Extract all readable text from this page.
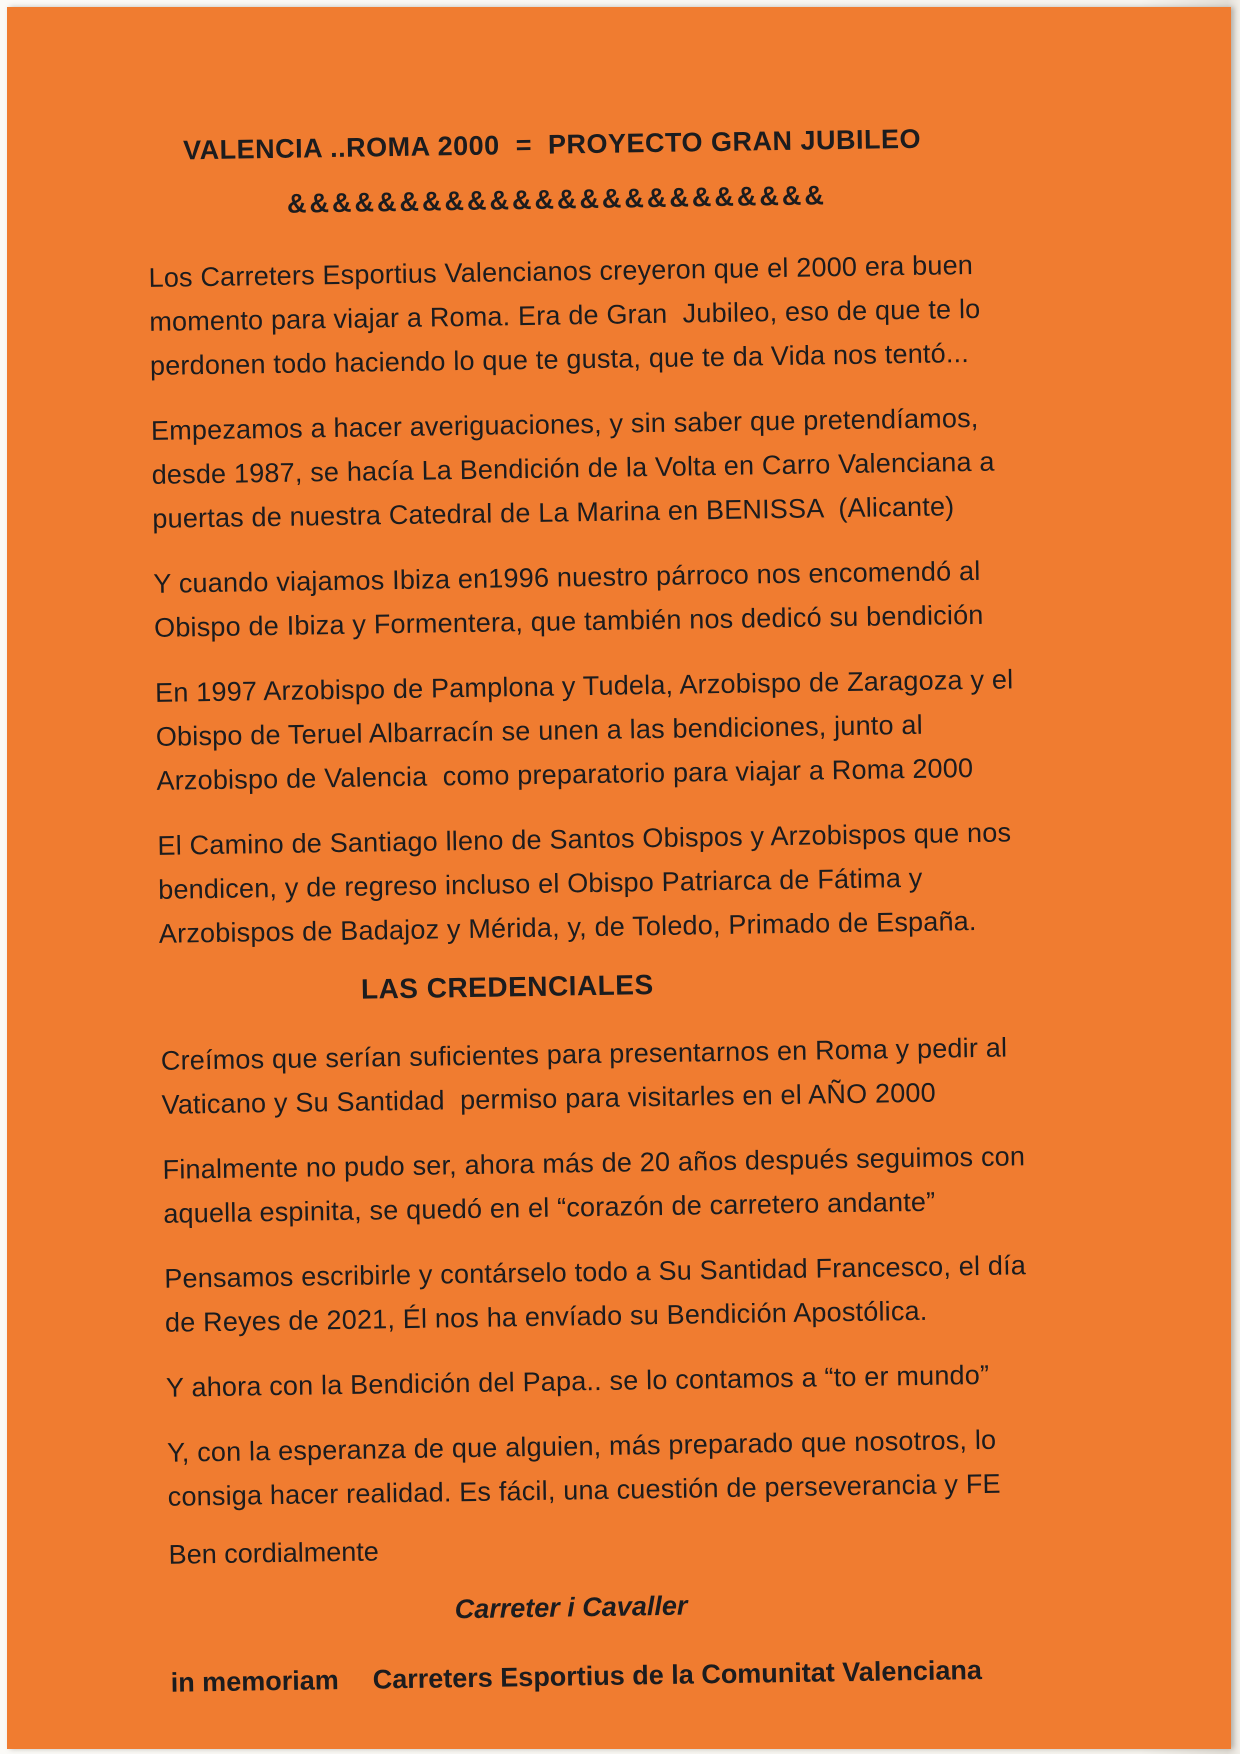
VALENCIA ..ROMA 2000  =  PROYECTO GRAN JUBILEO
&&&&&&&&&&&&&&&&&&&&&&&&

Los Carreters Esportius Valencianos creyeron que el 2000 era buen momento para viajar a Roma. Era de Gran  Jubileo, eso de que te lo perdonen todo haciendo lo que te gusta, que te da Vida nos tentó...

Empezamos a hacer averiguaciones, y sin saber que pretendíamos, desde 1987, se hacía La Bendición de la Volta en Carro Valenciana a puertas de nuestra Catedral de La Marina en BENISSA  (Alicante)

Y cuando viajamos Ibiza en1996 nuestro párroco nos encomendó al Obispo de Ibiza y Formentera, que también nos dedicó su bendición

En 1997 Arzobispo de Pamplona y Tudela, Arzobispo de Zaragoza y el Obispo de Teruel Albarracín se unen a las bendiciones, junto al Arzobispo de Valencia  como preparatorio para viajar a Roma 2000

El Camino de Santiago lleno de Santos Obispos y Arzobispos que nos bendicen, y de regreso incluso el Obispo Patriarca de Fátima y Arzobispos de Badajoz y Mérida, y, de Toledo, Primado de España.

LAS CREDENCIALES

Creímos que serían suficientes para presentarnos en Roma y pedir al Vaticano y Su Santidad  permiso para visitarles en el AÑO 2000

Finalmente no pudo ser, ahora más de 20 años después seguimos con aquella espinita, se quedó en el “corazón de carretero andante”

Pensamos escribirle y contárselo todo a Su Santidad Francesco, el día de Reyes de 2021, Él nos ha envíado su Bendición Apostólica.

Y ahora con la Bendición del Papa.. se lo contamos a “to er mundo”

Y, con la esperanza de que alguien, más preparado que nosotros, lo consiga hacer realidad. Es fácil, una cuestión de perseverancia y FE

Ben cordialmente

Carreter i Cavaller
in memoriam Carreters Esportius de la Comunitat Valenciana
